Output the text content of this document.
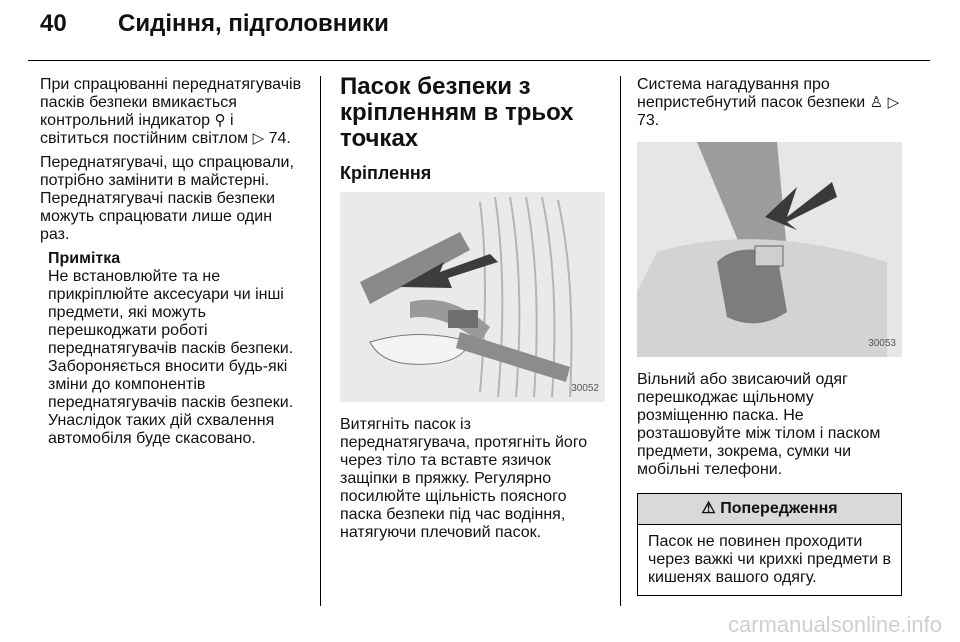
40 Сидіння, підголовники

При спрацюванні переднатягувачів пасків безпеки вмикається контрольний індикатор ⚲ і світиться постійним світлом ▷ 74.

Переднатягувачі, що спрацювали, потрібно замінити в майстерні. Переднатягувачі пасків безпеки можуть спрацювати лише один раз.

Примітка
Не встановлюйте та не прикріплюйте аксесуари чи інші предмети, які можуть перешкоджати роботі переднатягувачів пасків безпеки. Забороняється вносити будь-які зміни до компонентів переднатягувачів пасків безпеки. Унаслідок таких дій схвалення автомобіля буде скасовано.
Пасок безпеки з кріпленням в трьох точках
Кріплення
30052

Витягніть пасок із переднатягувача, протягніть його через тіло та вставте язичок защіпки в пряжку. Регулярно посилюйте щільність поясного паска безпеки під час водіння, натягуючи плечовий пасок.

Система нагадування про непристебнутий пасок безпеки ♙ ▷ 73.

30053

Вільний або звисаючий одяг перешкоджає щільному розміщенню паска. Не розташовуйте між тілом і паском предмети, зокрема, сумки чи мобільні телефони.

⚠ Попередження
Пасок не повинен проходити через важкі чи крихкі предмети в кишенях вашого одягу.
carmanualsonline.info
